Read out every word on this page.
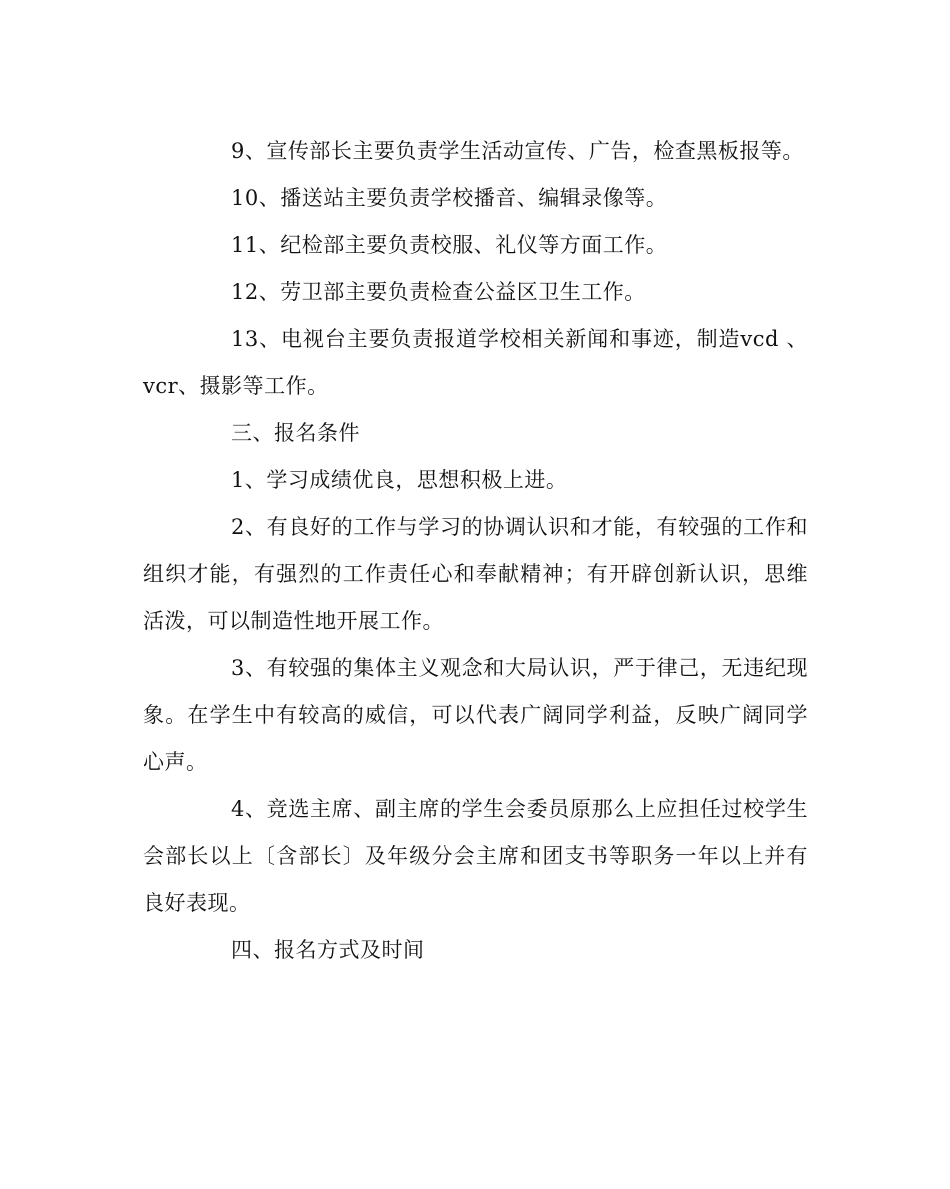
9、宣传部长主要负责学生活动宣传、广告，检查黑板报等。

10、播送站主要负责学校播音、编辑录像等。

11、纪检部主要负责校服、礼仪等方面工作。

12、劳卫部主要负责检查公益区卫生工作。

13、电视台主要负责报道学校相关新闻和事迹，制造vcd 、vcr、摄影等工作。

三、报名条件

1、学习成绩优良，思想积极上进。

2、有良好的工作与学习的协调认识和才能，有较强的工作和组织才能，有强烈的工作责任心和奉献精神；有开辟创新认识，思维活泼，可以制造性地开展工作。

3、有较强的集体主义观念和大局认识，严于律己，无违纪现象。在学生中有较高的威信，可以代表广阔同学利益，反映广阔同学心声。

4、竞选主席、副主席的学生会委员原那么上应担任过校学生会部长以上〔含部长〕及年级分会主席和团支书等职务一年以上并有良好表现。

四、报名方式及时间
